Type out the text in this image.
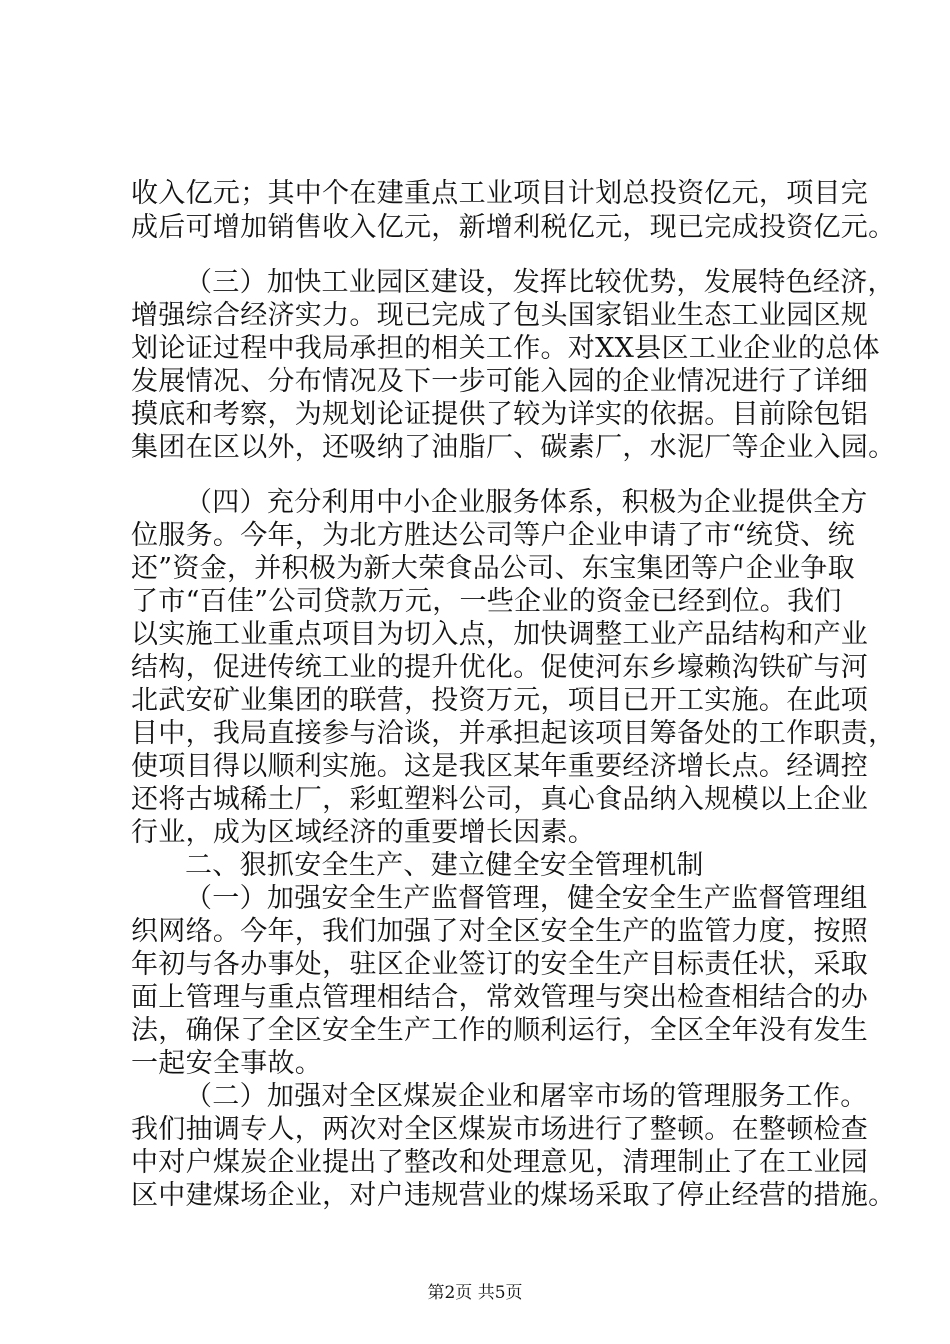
收入亿元；其中个在建重点工业项目计划总投资亿元，项目完
成后可增加销售收入亿元，新增利税亿元，现已完成投资亿元。
（三）加快工业园区建设，发挥比较优势，发展特色经济，
增强综合经济实力。现已完成了包头国家铝业生态工业园区规
划论证过程中我局承担的相关工作。对XX县区工业企业的总体
发展情况、分布情况及下一步可能入园的企业情况进行了详细
摸底和考察，为规划论证提供了较为详实的依据。目前除包铝
集团在区以外，还吸纳了油脂厂、碳素厂，水泥厂等企业入园。
（四）充分利用中小企业服务体系，积极为企业提供全方
位服务。今年，为北方胜达公司等户企业申请了市“统贷、统
还”资金，并积极为新大荣食品公司、东宝集团等户企业争取
了市“百佳”公司贷款万元，一些企业的资金已经到位。我们
以实施工业重点项目为切入点，加快调整工业产品结构和产业
结构，促进传统工业的提升优化。促使河东乡壕赖沟铁矿与河
北武安矿业集团的联营，投资万元，项目已开工实施。在此项
目中，我局直接参与洽谈，并承担起该项目筹备处的工作职责，
使项目得以顺利实施。这是我区某年重要经济增长点。经调控
还将古城稀土厂，彩虹塑料公司，真心食品纳入规模以上企业
行业，成为区域经济的重要增长因素。
二、狠抓安全生产、建立健全安全管理机制
（一）加强安全生产监督管理，健全安全生产监督管理组
织网络。今年，我们加强了对全区安全生产的监管力度，按照
年初与各办事处，驻区企业签订的安全生产目标责任状，采取
面上管理与重点管理相结合，常效管理与突出检查相结合的办
法，确保了全区安全生产工作的顺利运行，全区全年没有发生
一起安全事故。
（二）加强对全区煤炭企业和屠宰市场的管理服务工作。
我们抽调专人，两次对全区煤炭市场进行了整顿。在整顿检查
中对户煤炭企业提出了整改和处理意见，清理制止了在工业园
区中建煤场企业，对户违规营业的煤场采取了停止经营的措施。
第2页 共5页
